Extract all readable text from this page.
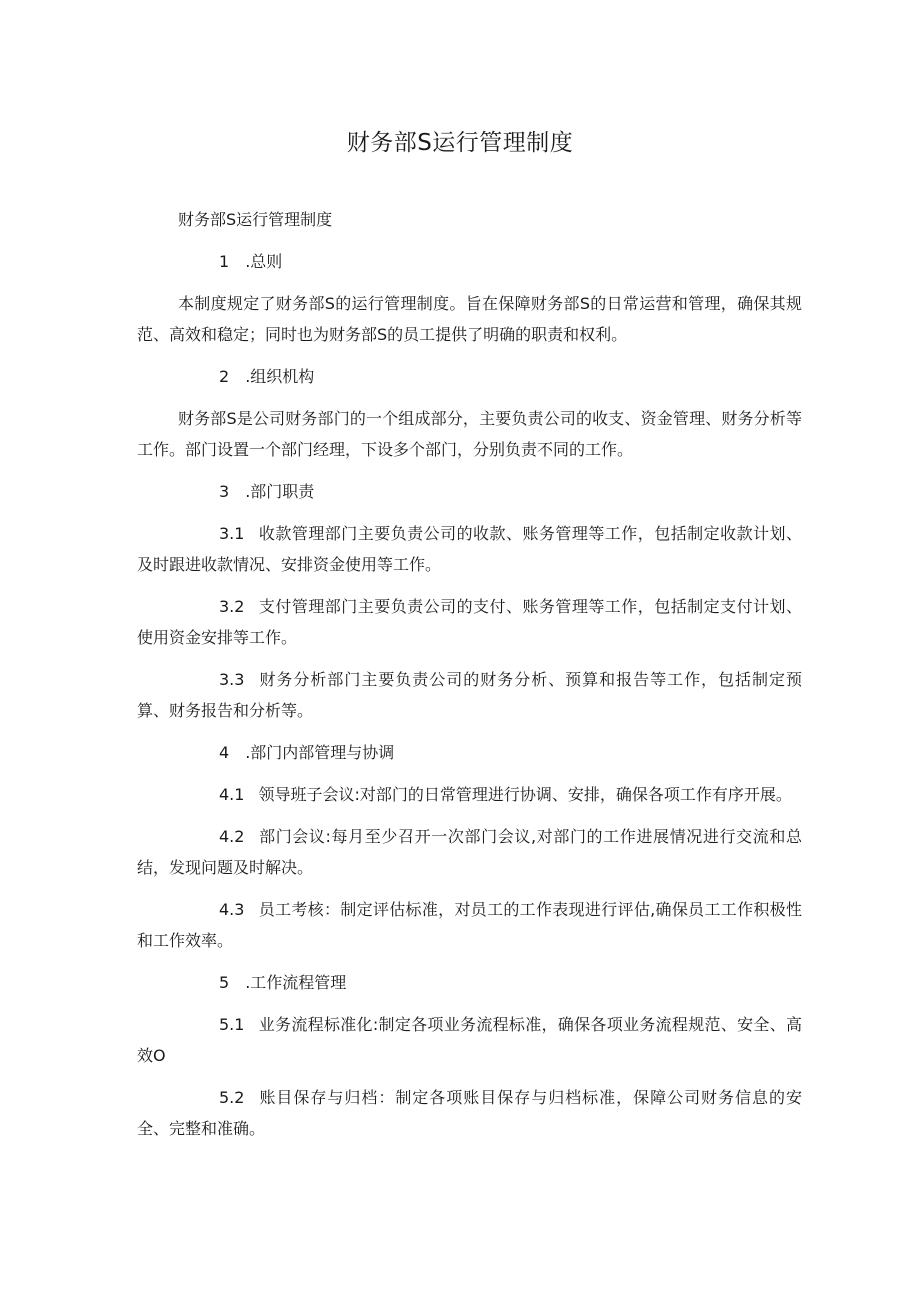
财务部S运行管理制度

财务部S运行管理制度

1 .总则

本制度规定了财务部S的运行管理制度。旨在保障财务部S的日常运营和管理，确保其规范、高效和稳定；同时也为财务部S的员工提供了明确的职责和权利。

2 .组织机构

财务部S是公司财务部门的一个组成部分，主要负责公司的收支、资金管理、财务分析等工作。部门设置一个部门经理，下设多个部门，分别负责不同的工作。

3 .部门职责

3.1 收款管理部门主要负责公司的收款、账务管理等工作，包括制定收款计划、及时跟进收款情况、安排资金使用等工作。

3.2 支付管理部门主要负责公司的支付、账务管理等工作，包括制定支付计划、使用资金安排等工作。

3.3 财务分析部门主要负责公司的财务分析、预算和报告等工作，包括制定预算、财务报告和分析等。

4 .部门内部管理与协调

4.1 领导班子会议:对部门的日常管理进行协调、安排，确保各项工作有序开展。

4.2 部门会议:每月至少召开一次部门会议,对部门的工作进展情况进行交流和总结，发现问题及时解决。

4.3 员工考核：制定评估标准，对员工的工作表现进行评估,确保员工工作积极性和工作效率。

5 .工作流程管理

5.1 业务流程标准化:制定各项业务流程标准，确保各项业务流程规范、安全、高效O

5.2 账目保存与归档：制定各项账目保存与归档标准，保障公司财务信息的安全、完整和准确。
